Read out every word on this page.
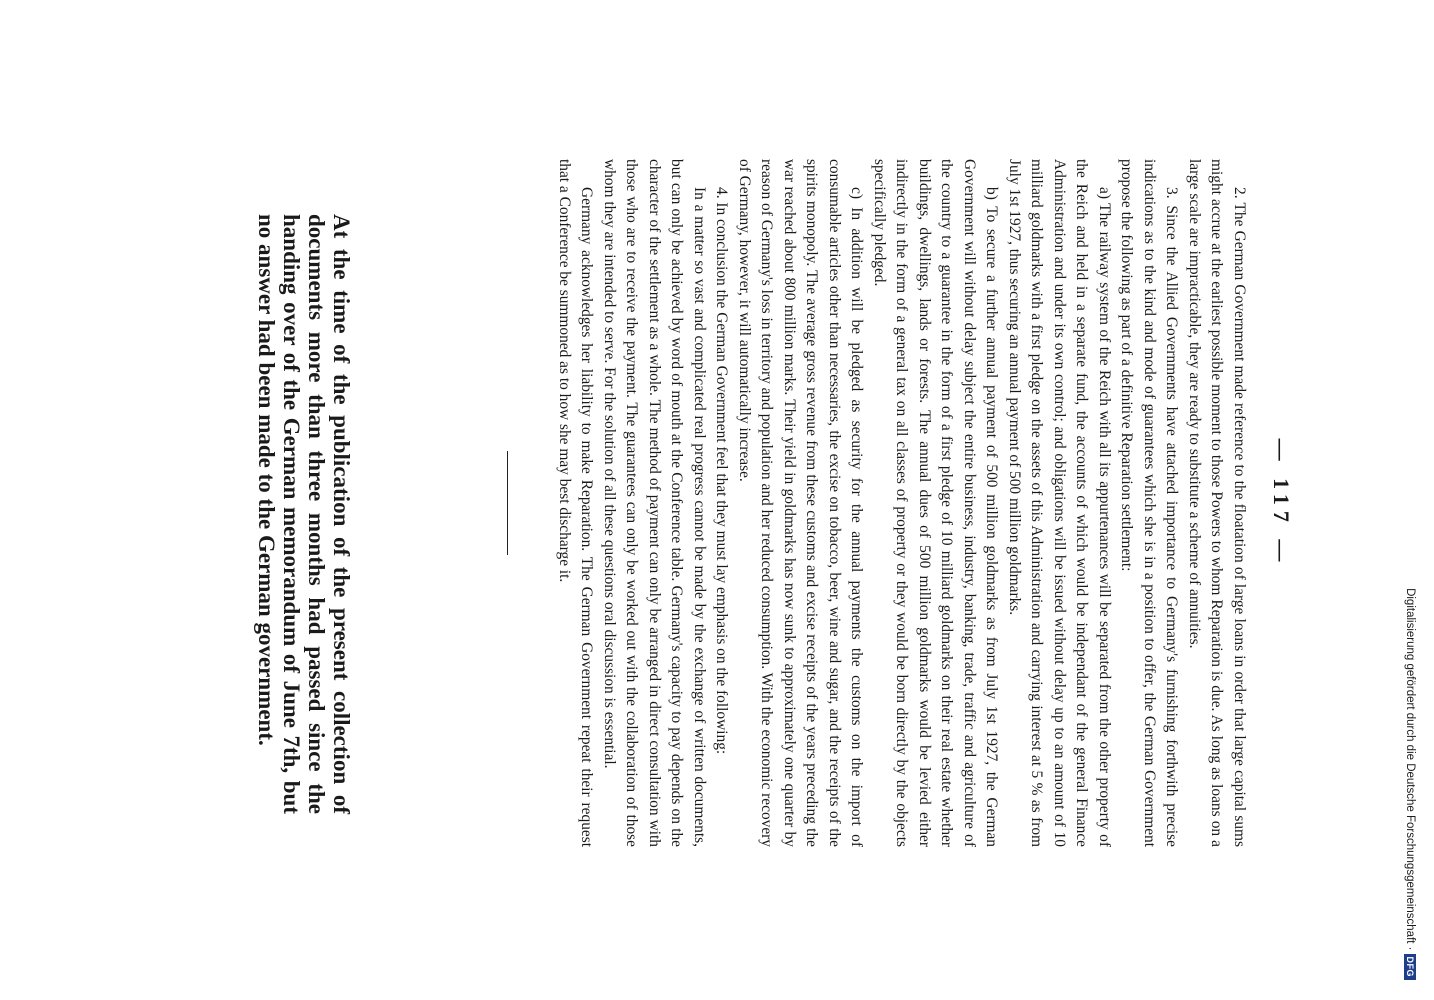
— 117 —

2. The German Government made reference to the floatation of large loans in order that large capital sums might accrue at the earliest possible moment to those Powers to whom Reparation is due. As long as loans on a large scale are impracticable, they are ready to substitute a scheme of annuities.

3. Since the Allied Governments have attached importance to Germany's furnishing forthwith precise indications as to the kind and mode of guarantees which she is in a position to offer, the German Government propose the following as part of a definitive Reparation settlement:

a) The railway system of the Reich with all its appurtenances will be separated from the other property of the Reich and held in a separate fund, the accounts of which would be independant of the general Finance Administration and under its own control; and obligations will be issued without delay up to an amount of 10 milliard goldmarks with a first pledge on the assets of this Administration and carrying interest at 5 % as from July 1st 1927, thus securing an annual payment of 500 million goldmarks.

b) To secure a further annual payment of 500 million goldmarks as from July 1st 1927, the German Government will without delay subject the entire business, industry, banking, trade, traffic and agriculture of the country to a guarantee in the form of a first pledge of 10 milliard goldmarks on their real estate whether buildings, dwellings, lands or forests. The annual dues of 500 million goldmarks would be levied either indirectly in the form of a general tax on all classes of property or they would be born directly by the objects specifically pledged.

c) In addition will be pledged as security for the annual payments the customs on the import of consumable articles other than necessaries, the excise on tobacco, beer, wine and sugar, and the receipts of the spirits monopoly. The average gross revenue from these customs and excise receipts of the years preceding the war reached about 800 million marks. Their yield in goldmarks has now sunk to approximately one quarter by reason of Germany's loss in territory and population and her reduced consumption. With the economic recovery of Germany, however, it will automatically increase.

4. In conclusion the German Government feel that they must lay emphasis on the following:

In a matter so vast and complicated real progress cannot be made by the exchange of written documents, but can only be achieved by word of mouth at the Conference table. Germany's capacity to pay depends on the character of the settlement as a whole. The method of payment can only be arranged in direct consultation with those who are to receive the payment. The guarantees can only be worked out with the collaboration of those whom they are intended to serve. For the solution of all these questions oral discussion is essential.

Germany acknowledges her liability to make Reparation. The German Government repeat their request that a Conference be summoned as to how she may best discharge it.

At the time of the publication of the present collection of documents more than three months had passed since the handing over of the German memorandum of June 7th, but no answer had been made to the German government.
Digitalisierung gefördert durch die Deutsche Forschungsgemeinschaft ·
DFG
